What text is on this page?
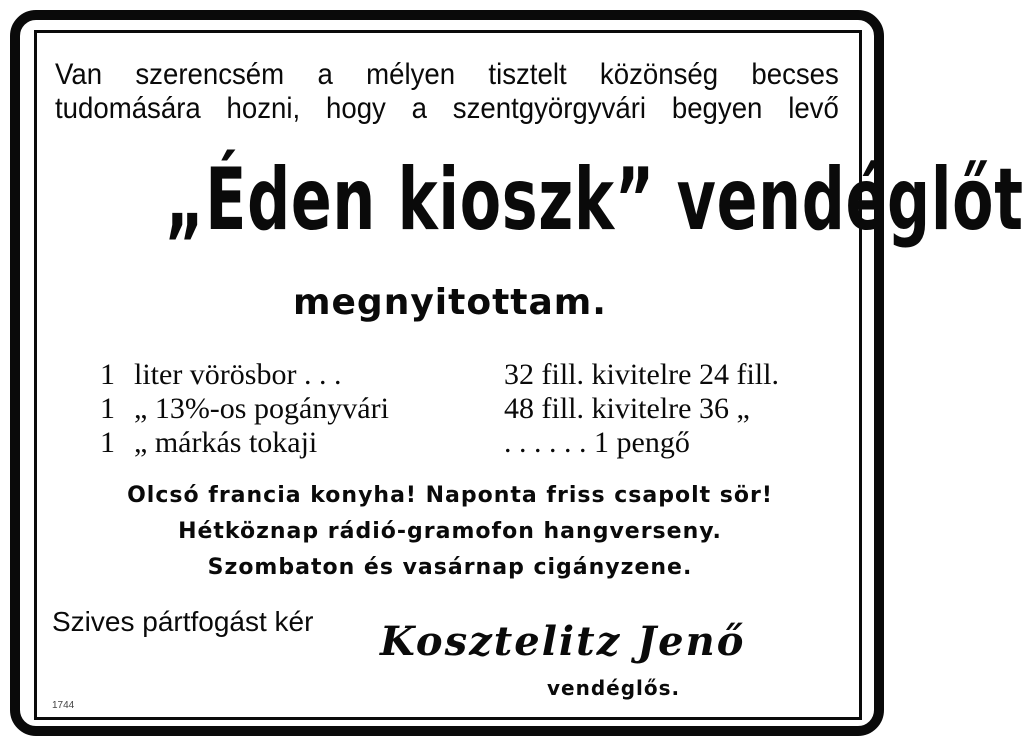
Van szerencsém a mélyen tisztelt közönség becses
tudomására hozni, hogy a szentgyörgyvári begyen levő
„Éden kioszk” vendéglőt
megnyitottam.
1 liter vörösbor . . .	32 fill. kivitelre 24 fill.
1 „ 13%-os pogányvári	48 fill. kivitelre 36 „
1 „ márkás tokaji	. . . . . . 1 pengő
Olcsó francia konyha! Naponta friss csapolt sör!
Hétköznap rádió-gramofon hangverseny.
Szombaton és vasárnap cigányzene.
Szives pártfogást kér Kosztelitz Jenő
vendéglős.
1744
